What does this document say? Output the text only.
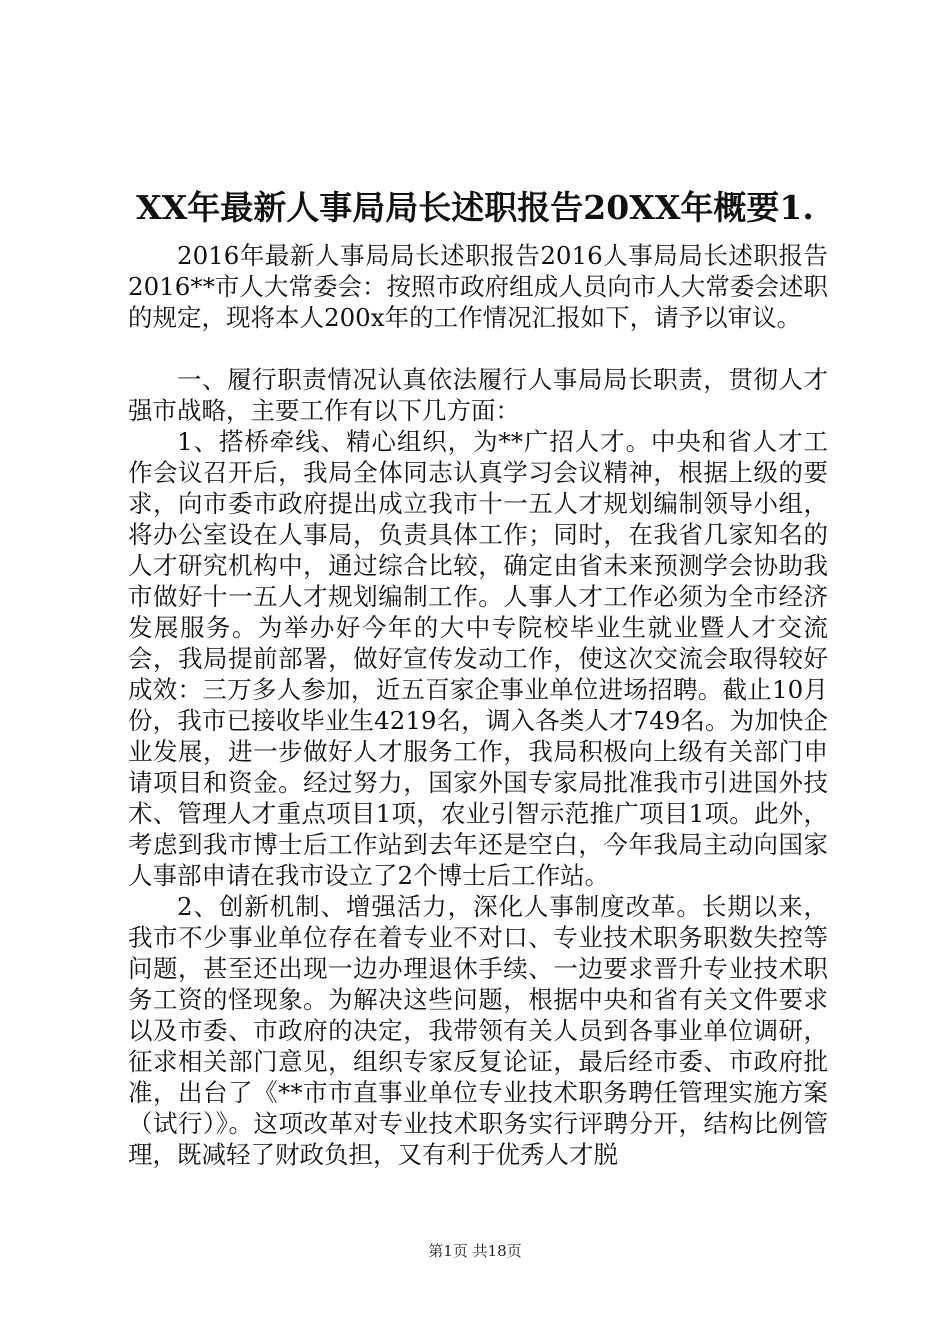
XX年最新人事局局长述职报告20XX年概要1.

2016年最新人事局局长述职报告2016人事局局长述职报告2016**市人大常委会：按照市政府组成人员向市人大常委会述职的规定，现将本人200x年的工作情况汇报如下，请予以审议。

一、履行职责情况认真依法履行人事局局长职责，贯彻人才强市战略，主要工作有以下几方面：

1、搭桥牵线、精心组织，为**广招人才。中央和省人才工作会议召开后，我局全体同志认真学习会议精神，根据上级的要求，向市委市政府提出成立我市十一五人才规划编制领导小组，将办公室设在人事局，负责具体工作；同时，在我省几家知名的人才研究机构中，通过综合比较，确定由省未来预测学会协助我市做好十一五人才规划编制工作。人事人才工作必须为全市经济发展服务。为举办好今年的大中专院校毕业生就业暨人才交流会，我局提前部署，做好宣传发动工作，使这次交流会取得较好成效：三万多人参加，近五百家企事业单位进场招聘。截止10月份，我市已接收毕业生4219名，调入各类人才749名。为加快企业发展，进一步做好人才服务工作，我局积极向上级有关部门申请项目和资金。经过努力，国家外国专家局批准我市引进国外技术、管理人才重点项目1项，农业引智示范推广项目1项。此外，考虑到我市博士后工作站到去年还是空白，今年我局主动向国家人事部申请在我市设立了2个博士后工作站。

2、创新机制、增强活力，深化人事制度改革。长期以来，我市不少事业单位存在着专业不对口、专业技术职务职数失控等问题，甚至还出现一边办理退休手续、一边要求晋升专业技术职务工资的怪现象。为解决这些问题，根据中央和省有关文件要求以及市委、市政府的决定，我带领有关人员到各事业单位调研，征求相关部门意见，组织专家反复论证，最后经市委、市政府批准，出台了《**市市直事业单位专业技术职务聘任管理实施方案（试行）》。这项改革对专业技术职务实行评聘分开，结构比例管理，既减轻了财政负担，又有利于优秀人才脱

第1页 共18页
